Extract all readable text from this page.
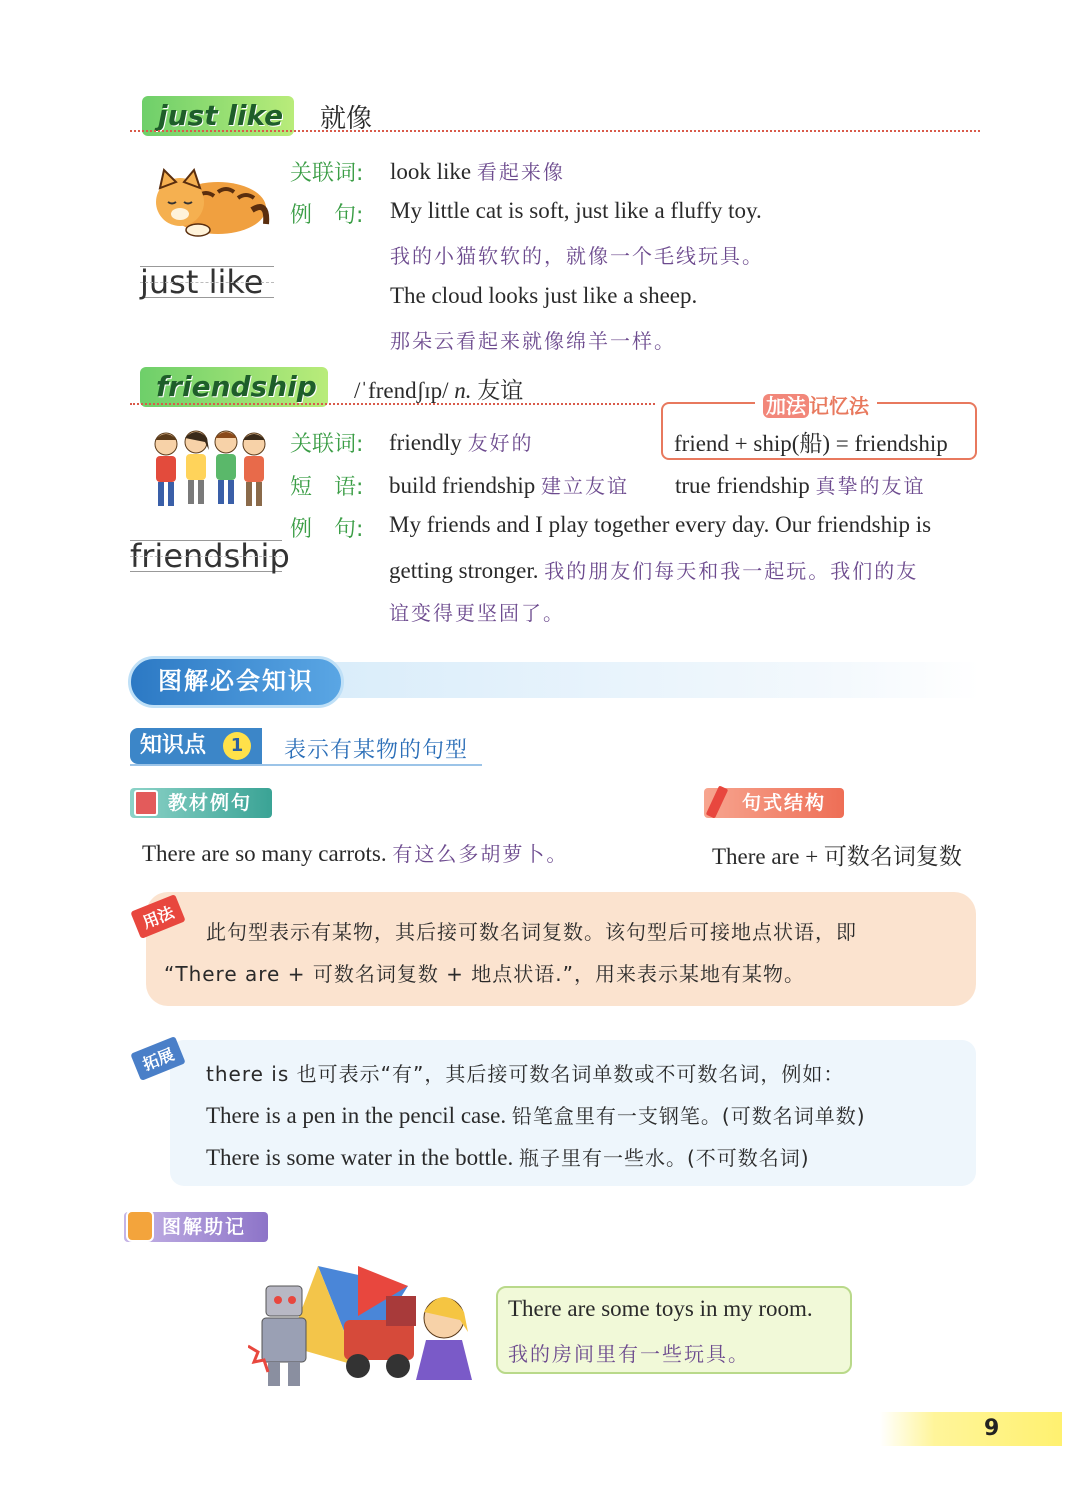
just like	就像
just like
关联词: look like 看起来像
例　句: My little cat is soft, just like a fluffy toy.
我的小猫软软的，就像一个毛线玩具。
The cloud looks just like a sheep.
那朵云看起来就像绵羊一样。
friendship	/ˈfrendʃɪp/ n. 友谊
加法 记忆法
friend + ship(船) = friendship
friendship
关联词: friendly 友好的
短　语: build friendship 建立友谊 true friendship 真挚的友谊
例　句: My friends and I play together every day. Our friendship is
getting stronger. 我的朋友们每天和我一起玩。我们的友
谊变得更坚固了。
图解必会知识
知识点	1	表示有某物的句型
教材例句	句式结构
There are so many carrots. 有这么多胡萝卜。	There are + 可数名词复数
用法	此句型表示有某物，其后接可数名词复数。该句型后可接地点状语，即
“There are + 可数名词复数 + 地点状语.”，用来表示某地有某物。
拓展	there is 也可表示“有”，其后接可数名词单数或不可数名词，例如：
There is a pen in the pencil case. 铅笔盒里有一支钢笔。(可数名词单数)
There is some water in the bottle. 瓶子里有一些水。(不可数名词)
图解助记
There are some toys in my room.
我的房间里有一些玩具。
9
